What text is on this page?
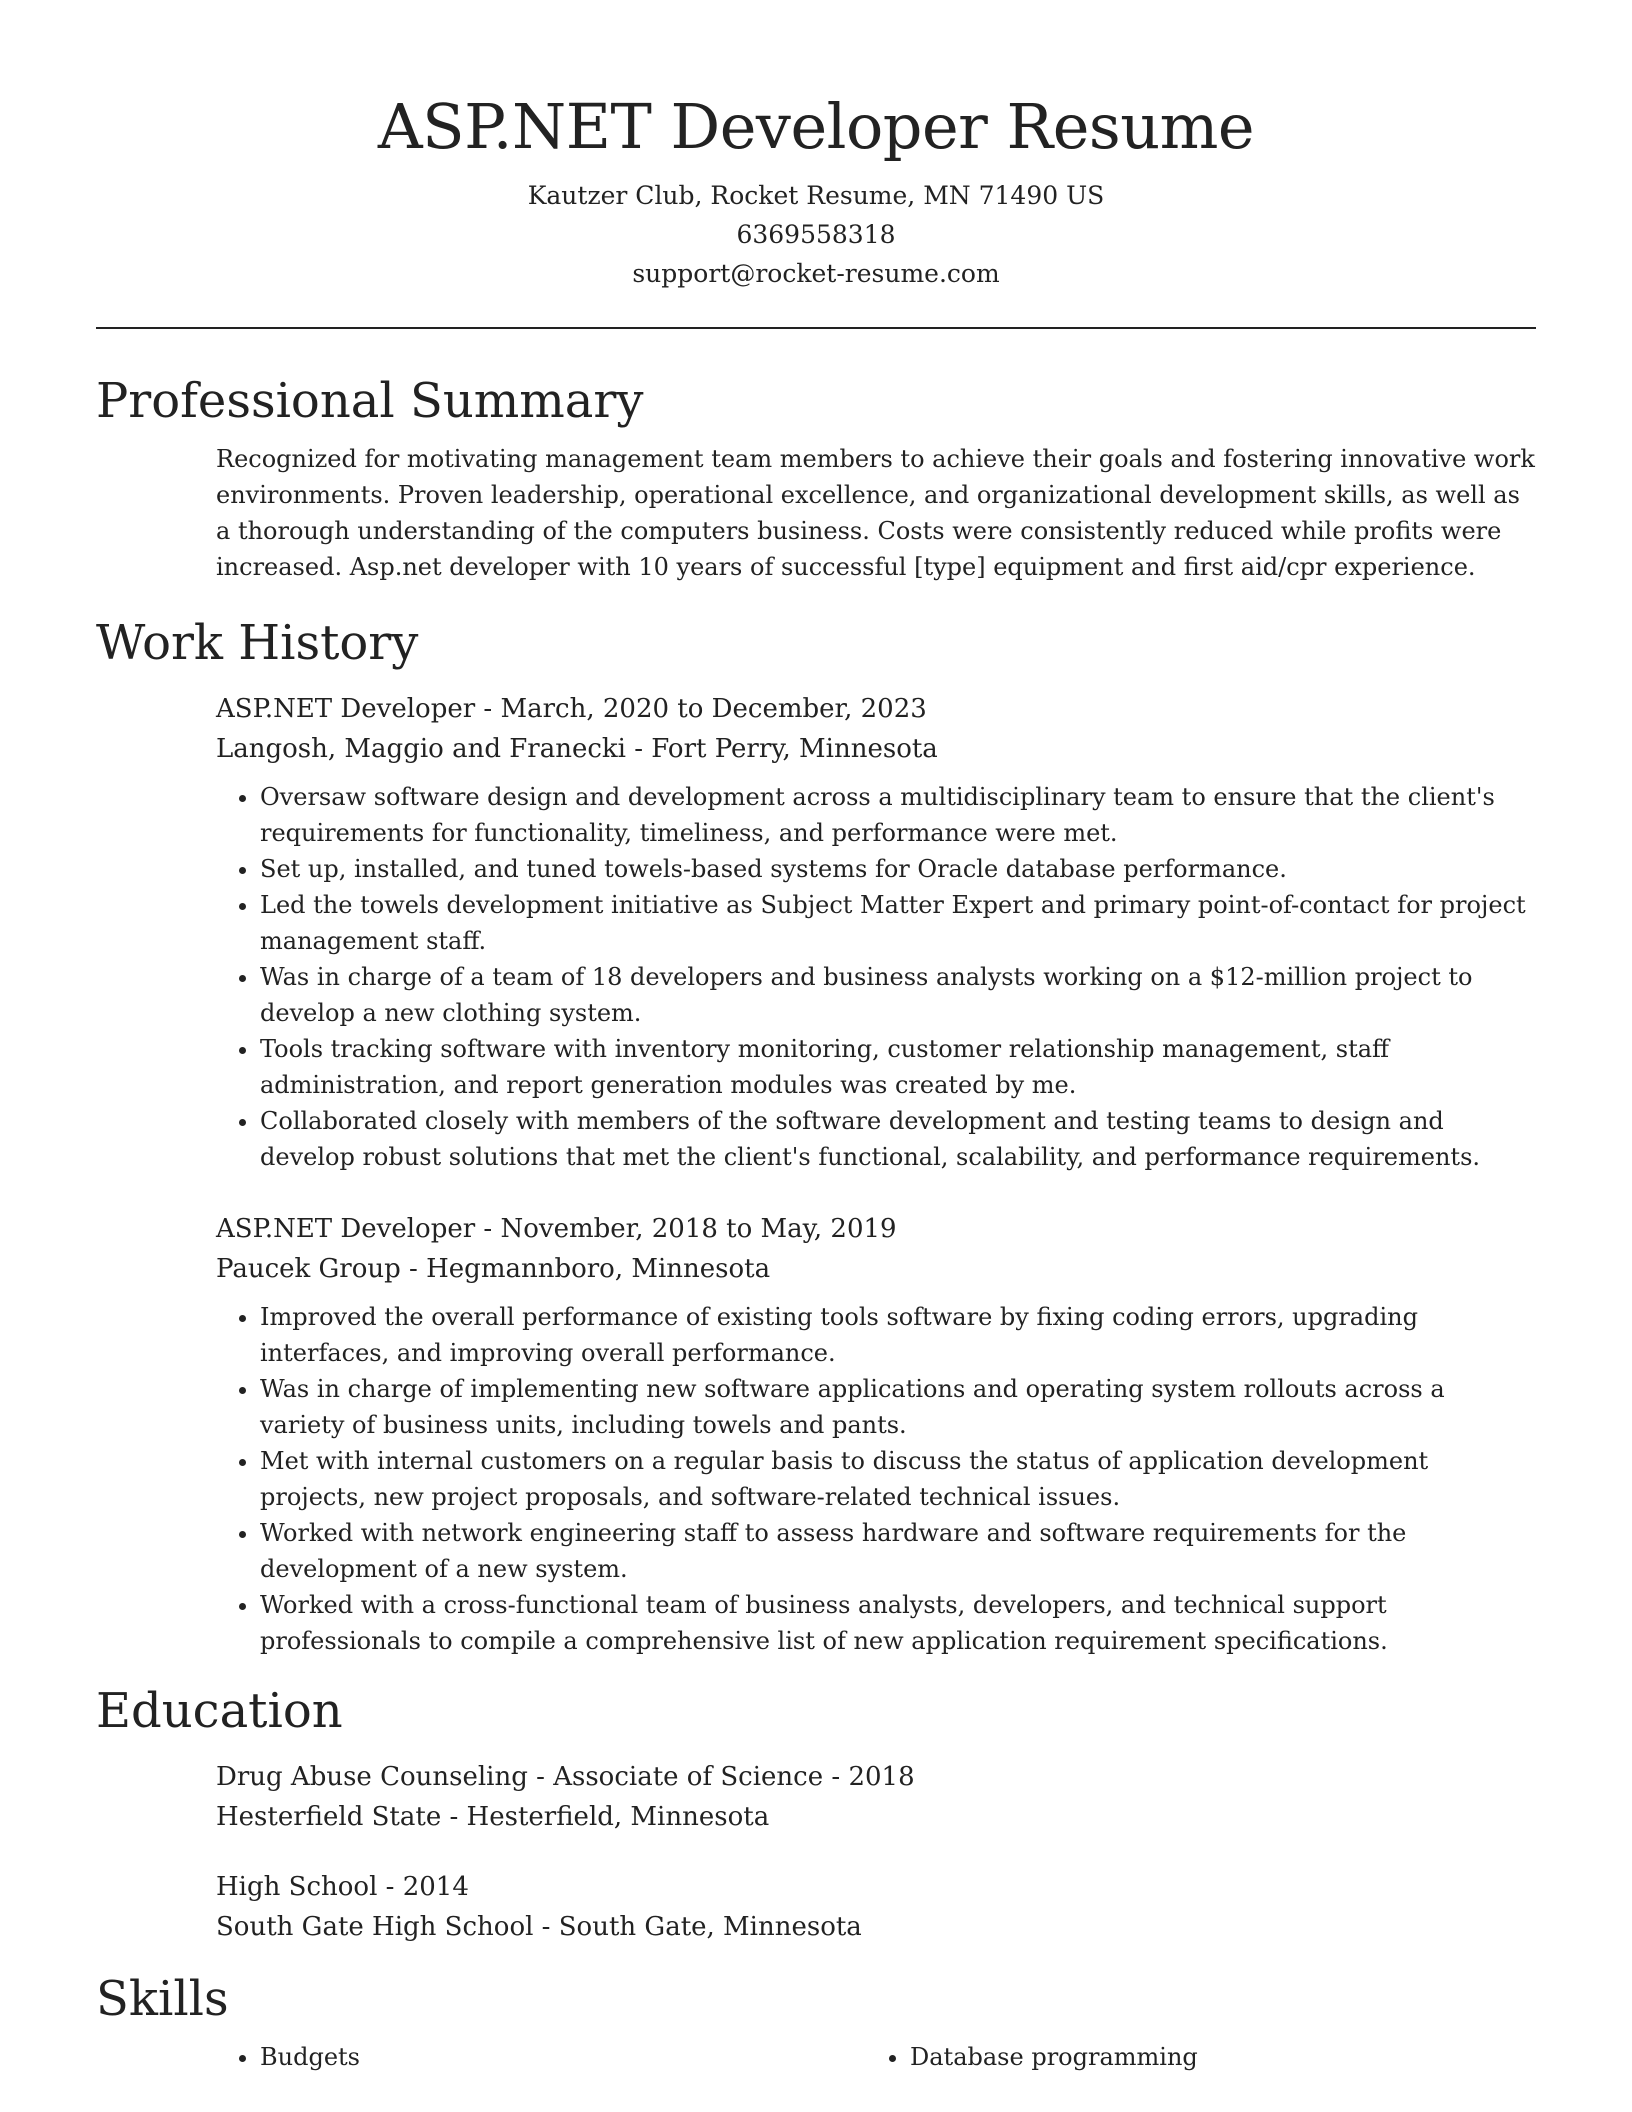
ASP.NET Developer Resume

Kautzer Club, Rocket Resume, MN 71490 US

6369558318

support@rocket-resume.com

Professional Summary

Recognized for motivating management team members to achieve their goals and fostering innovative work environments. Proven leadership, operational excellence, and organizational development skills, as well as a thorough understanding of the computers business. Costs were consistently reduced while profits were increased. Asp.net developer with 10 years of successful [type] equipment and first aid/cpr experience.

Work History

ASP.NET Developer - March, 2020 to December, 2023

Langosh, Maggio and Franecki - Fort Perry, Minnesota

• Oversaw software design and development across a multidisciplinary team to ensure that the client's requirements for functionality, timeliness, and performance were met.
• Set up, installed, and tuned towels-based systems for Oracle database performance.
• Led the towels development initiative as Subject Matter Expert and primary point-of-contact for project management staff.
• Was in charge of a team of 18 developers and business analysts working on a $12-million project to develop a new clothing system.
• Tools tracking software with inventory monitoring, customer relationship management, staff administration, and report generation modules was created by me.
• Collaborated closely with members of the software development and testing teams to design and develop robust solutions that met the client's functional, scalability, and performance requirements.

ASP.NET Developer - November, 2018 to May, 2019

Paucek Group - Hegmannboro, Minnesota

• Improved the overall performance of existing tools software by fixing coding errors, upgrading interfaces, and improving overall performance.
• Was in charge of implementing new software applications and operating system rollouts across a variety of business units, including towels and pants.
• Met with internal customers on a regular basis to discuss the status of application development projects, new project proposals, and software-related technical issues.
• Worked with network engineering staff to assess hardware and software requirements for the development of a new system.
• Worked with a cross-functional team of business analysts, developers, and technical support professionals to compile a comprehensive list of new application requirement specifications.
Education

Drug Abuse Counseling - Associate of Science - 2018

Hesterfield State - Hesterfield, Minnesota

High School - 2014

South Gate High School - South Gate, Minnesota

Skills
• Budgets
•	Database programming
